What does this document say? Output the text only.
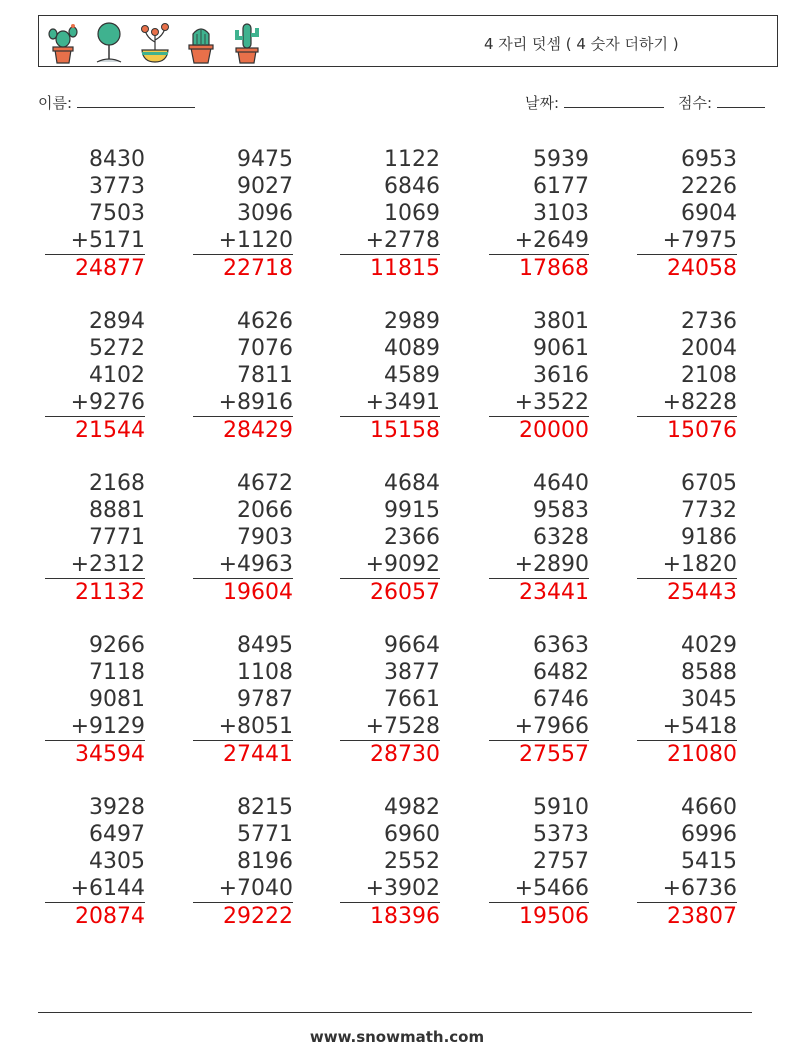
4 자리 덧셈 ( 4 숫자 더하기 )
이름:	날짜:	점수:
8430
3773
7503
+5171
24877
9475
9027
3096
+1120
22718
1122
6846
1069
+2778
11815
5939
6177
3103
+2649
17868
6953
2226
6904
+7975
24058
2894
5272
4102
+9276
21544
4626
7076
7811
+8916
28429
2989
4089
4589
+3491
15158
3801
9061
3616
+3522
20000
2736
2004
2108
+8228
15076
2168
8881
7771
+2312
21132
4672
2066
7903
+4963
19604
4684
9915
2366
+9092
26057
4640
9583
6328
+2890
23441
6705
7732
9186
+1820
25443
9266
7118
9081
+9129
34594
8495
1108
9787
+8051
27441
9664
3877
7661
+7528
28730
6363
6482
6746
+7966
27557
4029
8588
3045
+5418
21080
3928
6497
4305
+6144
20874
8215
5771
8196
+7040
29222
4982
6960
2552
+3902
18396
5910
5373
2757
+5466
19506
4660
6996
5415
+6736
23807
www.snowmath.com
